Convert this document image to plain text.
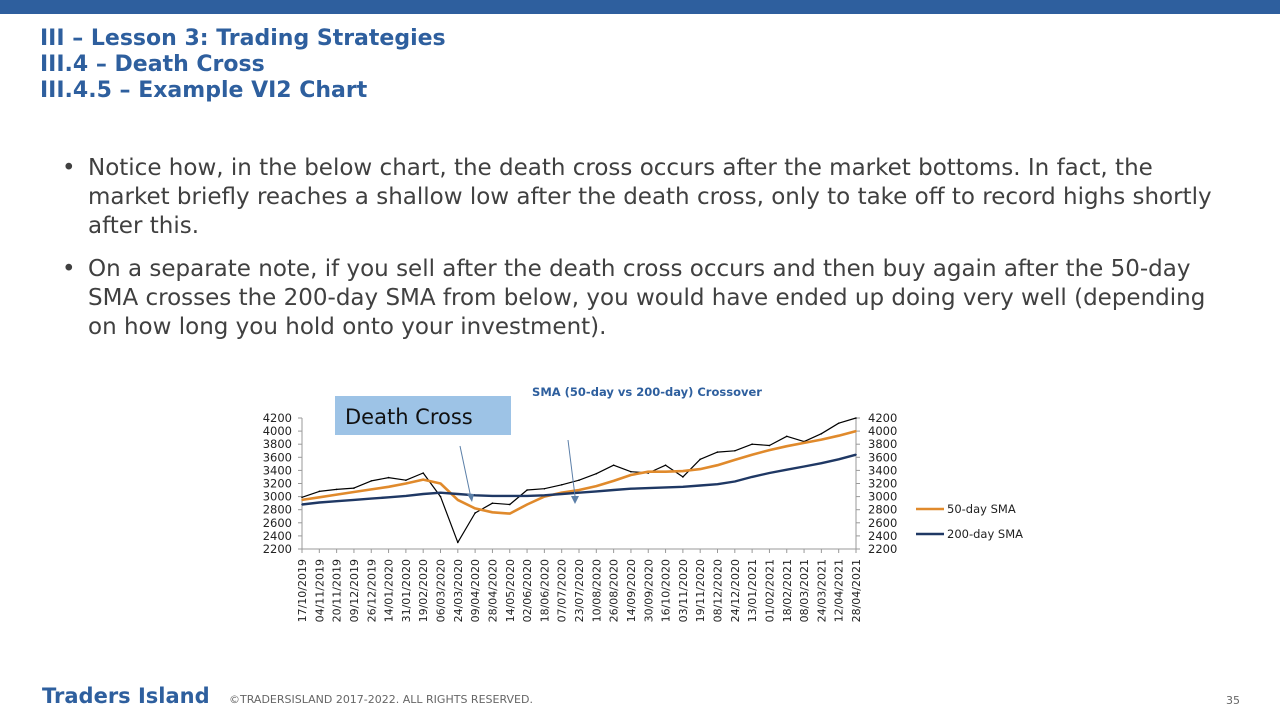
III – Lesson 3: Trading Strategies
III.4 – Death Cross
III.4.5 – Example VI2 Chart
• Notice how, in the below chart, the death cross occurs after the market bottoms. In fact, the market briefly reaches a shallow low after the death cross, only to take off to record highs shortly after this.
• On a separate note, if you sell after the death cross occurs and then buy again after the 50-day SMA crosses the 200-day SMA from below, you would have ended up doing very well (depending on how long you hold onto your investment).
SMA (50-day vs 200-day) Crossover
2200	2200
2400	2400
2600	2600
2800	2800
3000	3000
3200	3200
3400	3400
3600	3600
3800	3800
4000	4000
4200	4200
17/10/2019 04/11/2019 20/11/2019 09/12/2019 26/12/2019 14/01/2020 31/01/2020 19/02/2020 06/03/2020 24/03/2020 09/04/2020 28/04/2020 14/05/2020 02/06/2020 18/06/2020 07/07/2020 23/07/2020 10/08/2020 26/08/2020 14/09/2020 30/09/2020 16/10/2020 03/11/2020 19/11/2020 08/12/2020 24/12/2020 13/01/2021 01/02/2021 18/02/2021 08/03/2021 24/03/2021 12/04/2021 28/04/2021
50-day SMA
200-day SMA
Death Cross
Traders Island ©TRADERSISLAND 2017-2022. ALL RIGHTS RESERVED.	35
